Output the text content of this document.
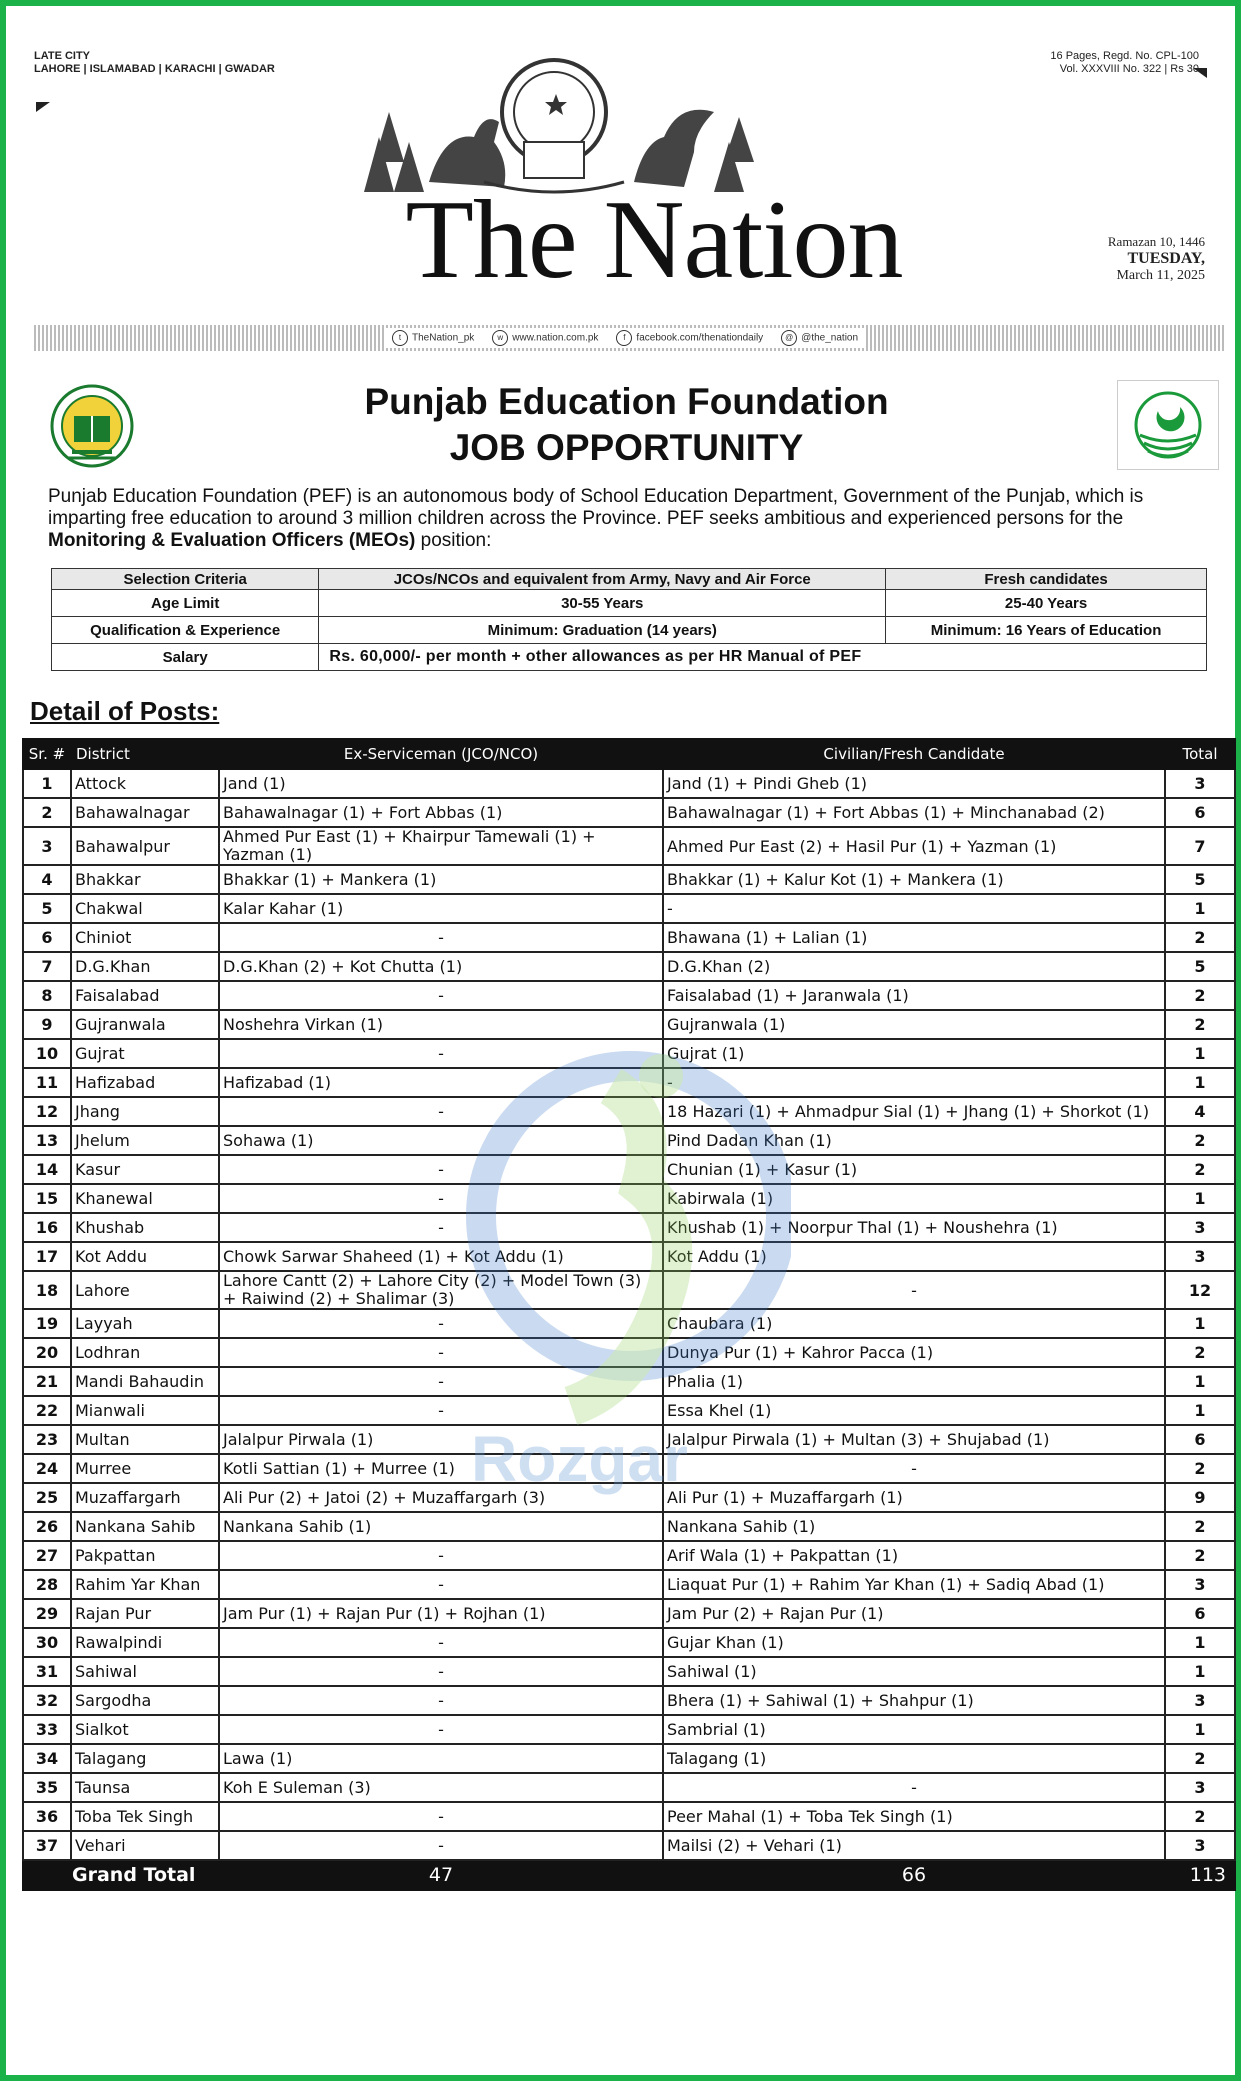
LATE CITY
LAHORE | ISLAMABAD | KARACHI | GWADAR
16 Pages, Regd. No. CPL-100
Vol. XXXVIII No. 322 | Rs 30
The Nation	Ramazan 10, 1446
TUESDAY,
March 11, 2025
t TheNation_pk	w www.nation.com.pk	f facebook.com/thenationdaily	@ @the_nation
Punjab Education Foundation
JOB OPPORTUNITY
Punjab Education Foundation (PEF) is an autonomous body of School Education Department, Government of the Punjab, which is imparting free education to around 3 million children across the Province. PEF seeks ambitious and experienced persons for the Monitoring & Evaluation Officers (MEOs) position:
Selection Criteria	JCOs/NCOs and equivalent from Army, Navy and Air Force	Fresh candidates
Age Limit	30-55 Years	25-40 Years
Qualification & Experience	Minimum: Graduation (14 years)	Minimum: 16 Years of Education
Salary	Rs. 60,000/- per month + other allowances as per HR Manual of PEF	
Detail of Posts:
Sr. #	District	Ex-Serviceman (JCO/NCO)	Civilian/Fresh Candidate	Total
1	Attock	Jand (1)	Jand (1) + Pindi Gheb (1)	3
2	Bahawalnagar	Bahawalnagar (1) + Fort Abbas (1)	Bahawalnagar (1) + Fort Abbas (1) + Minchanabad (2)	6
3	Bahawalpur	Ahmed Pur East (1) + Khairpur Tamewali (1) + Yazman (1)	Ahmed Pur East (2) + Hasil Pur (1) + Yazman (1)	7
4	Bhakkar	Bhakkar (1) + Mankera (1)	Bhakkar (1) + Kalur Kot (1) + Mankera (1)	5
5	Chakwal	Kalar Kahar (1)	-	1
6	Chiniot	-	Bhawana (1) + Lalian (1)	2
7	D.G.Khan	D.G.Khan (2) + Kot Chutta (1)	D.G.Khan (2)	5
8	Faisalabad	-	Faisalabad (1) + Jaranwala (1)	2
9	Gujranwala	Noshehra Virkan (1)	Gujranwala (1)	2
10	Gujrat	-	Gujrat (1)	1
11	Hafizabad	Hafizabad (1)	-	1
12	Jhang	-	18 Hazari (1) + Ahmadpur Sial (1) + Jhang (1) + Shorkot (1)	4
13	Jhelum	Sohawa (1)	Pind Dadan Khan (1)	2
14	Kasur	-	Chunian (1) + Kasur (1)	2
15	Khanewal	-	Kabirwala (1)	1
16	Khushab	-	Khushab (1) + Noorpur Thal (1) + Noushehra (1)	3
17	Kot Addu	Chowk Sarwar Shaheed (1) + Kot Addu (1)	Kot Addu (1)	3
18	Lahore	Lahore Cantt (2) + Lahore City (2) + Model Town (3) + Raiwind (2) + Shalimar (3)	-	12
19	Layyah	-	Chaubara (1)	1
20	Lodhran	-	Dunya Pur (1) + Kahror Pacca (1)	2
21	Mandi Bahaudin	-	Phalia (1)	1
22	Mianwali	-	Essa Khel (1)	1
23	Multan	Jalalpur Pirwala (1)	Jalalpur Pirwala (1) + Multan (3) + Shujabad (1)	6
24	Murree	Kotli Sattian (1) + Murree (1)	-	2
25	Muzaffargarh	Ali Pur (2) + Jatoi (2) + Muzaffargarh (3)	Ali Pur (1) + Muzaffargarh (1)	9
26	Nankana Sahib	Nankana Sahib (1)	Nankana Sahib (1)	2
27	Pakpattan	-	Arif Wala (1) + Pakpattan (1)	2
28	Rahim Yar Khan	-	Liaquat Pur (1) + Rahim Yar Khan (1) + Sadiq Abad (1)	3
29	Rajan Pur	Jam Pur (1) + Rajan Pur (1) + Rojhan (1)	Jam Pur (2) + Rajan Pur (1)	6
30	Rawalpindi	-	Gujar Khan (1)	1
31	Sahiwal	-	Sahiwal (1)	1
32	Sargodha	-	Bhera (1) + Sahiwal (1) + Shahpur (1)	3
33	Sialkot	-	Sambrial (1)	1
34	Talagang	Lawa (1)	Talagang (1)	2
35	Taunsa	Koh E Suleman (3)	-	3
36	Toba Tek Singh	-	Peer Mahal (1) + Toba Tek Singh (1)	2
37	Vehari	-	Mailsi (2) + Vehari (1)	3
Grand Total		47	66	113
Rozgar
